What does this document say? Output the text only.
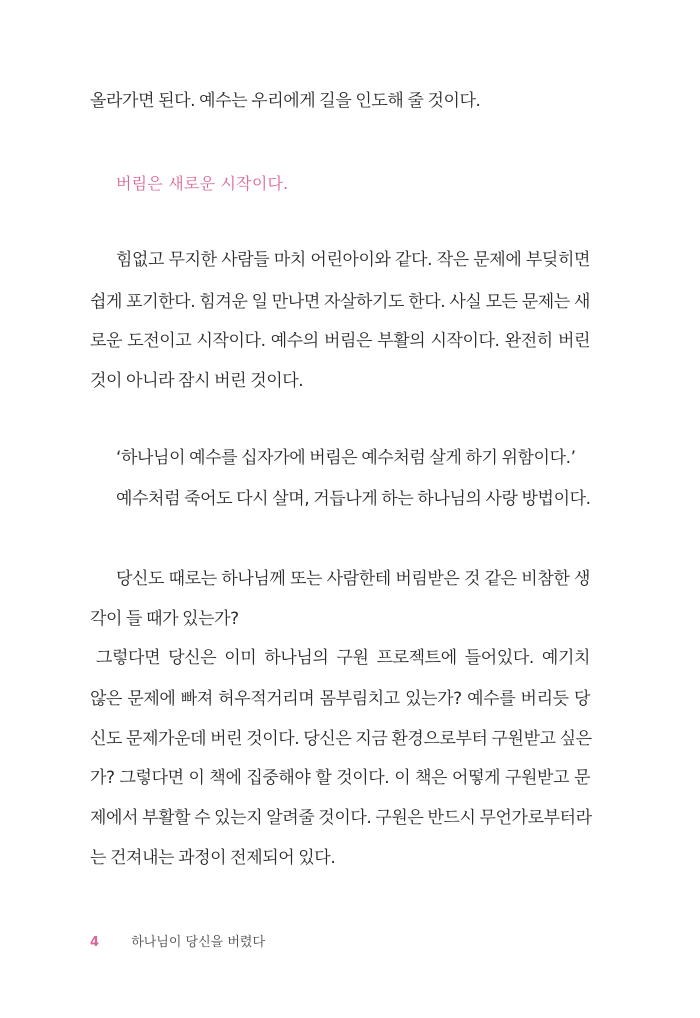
올라가면 된다. 예수는 우리에게 길을 인도해 줄 것이다.
버림은 새로운 시작이다.
힘없고 무지한 사람들 마치 어린아이와 같다. 작은 문제에 부딪히면
쉽게 포기한다. 힘겨운 일 만나면 자살하기도 한다. 사실 모든 문제는 새
로운 도전이고 시작이다. 예수의 버림은 부활의 시작이다. 완전히 버린
것이 아니라 잠시 버린 것이다.
‘하나님이 예수를 십자가에 버림은 예수처럼 살게 하기 위함이다.’
예수처럼 죽어도 다시 살며, 거듭나게 하는 하나님의 사랑 방법이다.
당신도 때로는 하나님께 또는 사람한테 버림받은 것 같은 비참한 생
각이 들 때가 있는가?
그렇다면 당신은 이미 하나님의 구원 프로젝트에 들어있다. 예기치
않은 문제에 빠져 허우적거리며 몸부림치고 있는가? 예수를 버리듯 당
신도 문제가운데 버린 것이다. 당신은 지금 환경으로부터 구원받고 싶은
가? 그렇다면 이 책에 집중해야 할 것이다. 이 책은 어떻게 구원받고 문
제에서 부활할 수 있는지 알려줄 것이다. 구원은 반드시 무언가로부터라
는 건져내는 과정이 전제되어 있다.
4 하나님이 당신을 버렸다
